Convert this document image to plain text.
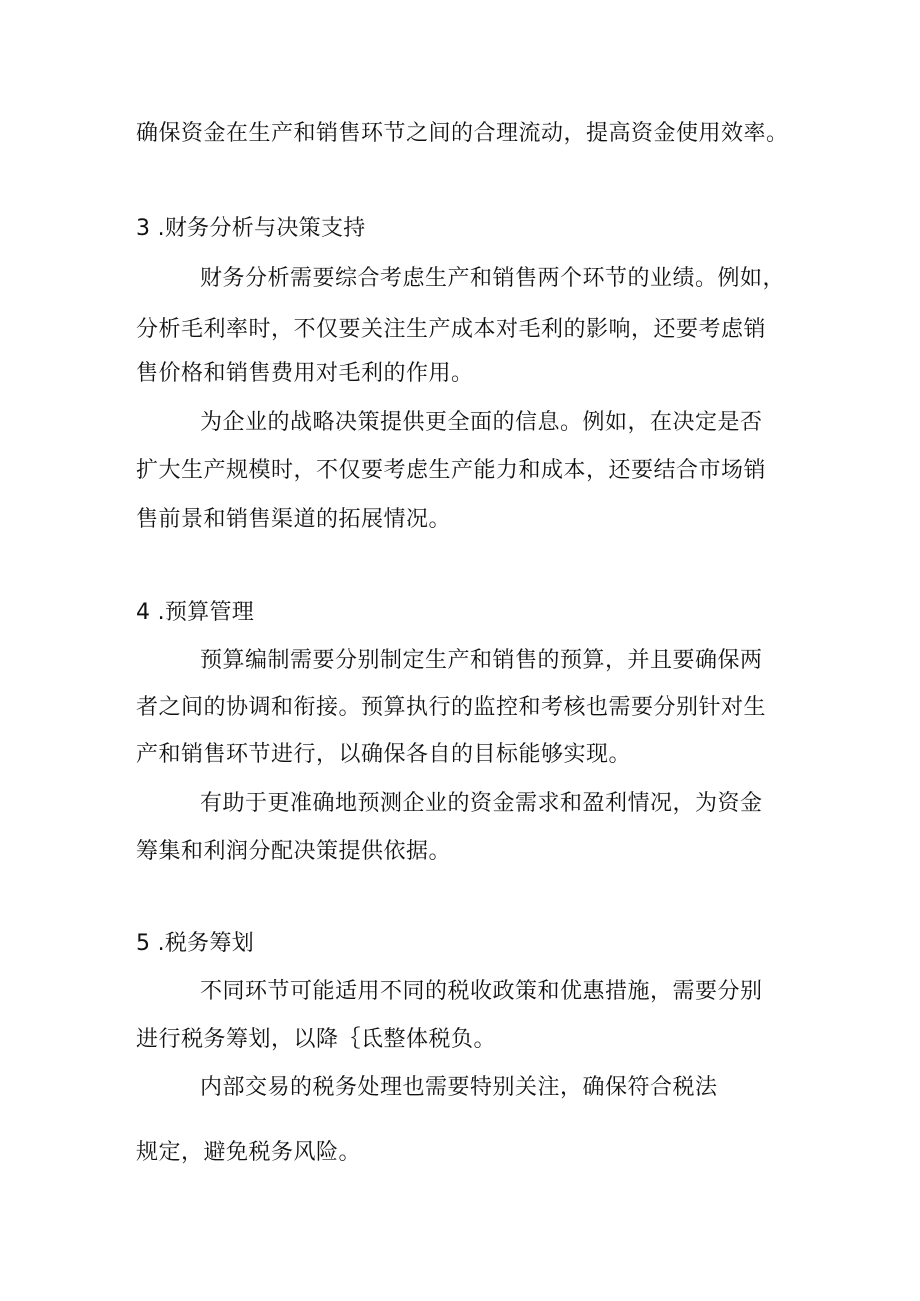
确保资金在生产和销售环节之间的合理流动，提高资金使用效率。
3 .财务分析与决策支持
财务分析需要综合考虑生产和销售两个环节的业绩。例如，
分析毛利率时，不仅要关注生产成本对毛利的影响，还要考虑销
售价格和销售费用对毛利的作用。
为企业的战略决策提供更全面的信息。例如，在决定是否
扩大生产规模时，不仅要考虑生产能力和成本，还要结合市场销
售前景和销售渠道的拓展情况。
4 .预算管理
预算编制需要分别制定生产和销售的预算，并且要确保两
者之间的协调和衔接。预算执行的监控和考核也需要分别针对生
产和销售环节进行，以确保各自的目标能够实现。
有助于更准确地预测企业的资金需求和盈利情况，为资金
筹集和利润分配决策提供依据。
5 .税务筹划
不同环节可能适用不同的税收政策和优惠措施，需要分别
进行税务筹划，以降｛氐整体税负。
内部交易的税务处理也需要特别关注，确保符合税法
规定，避免税务风险。
